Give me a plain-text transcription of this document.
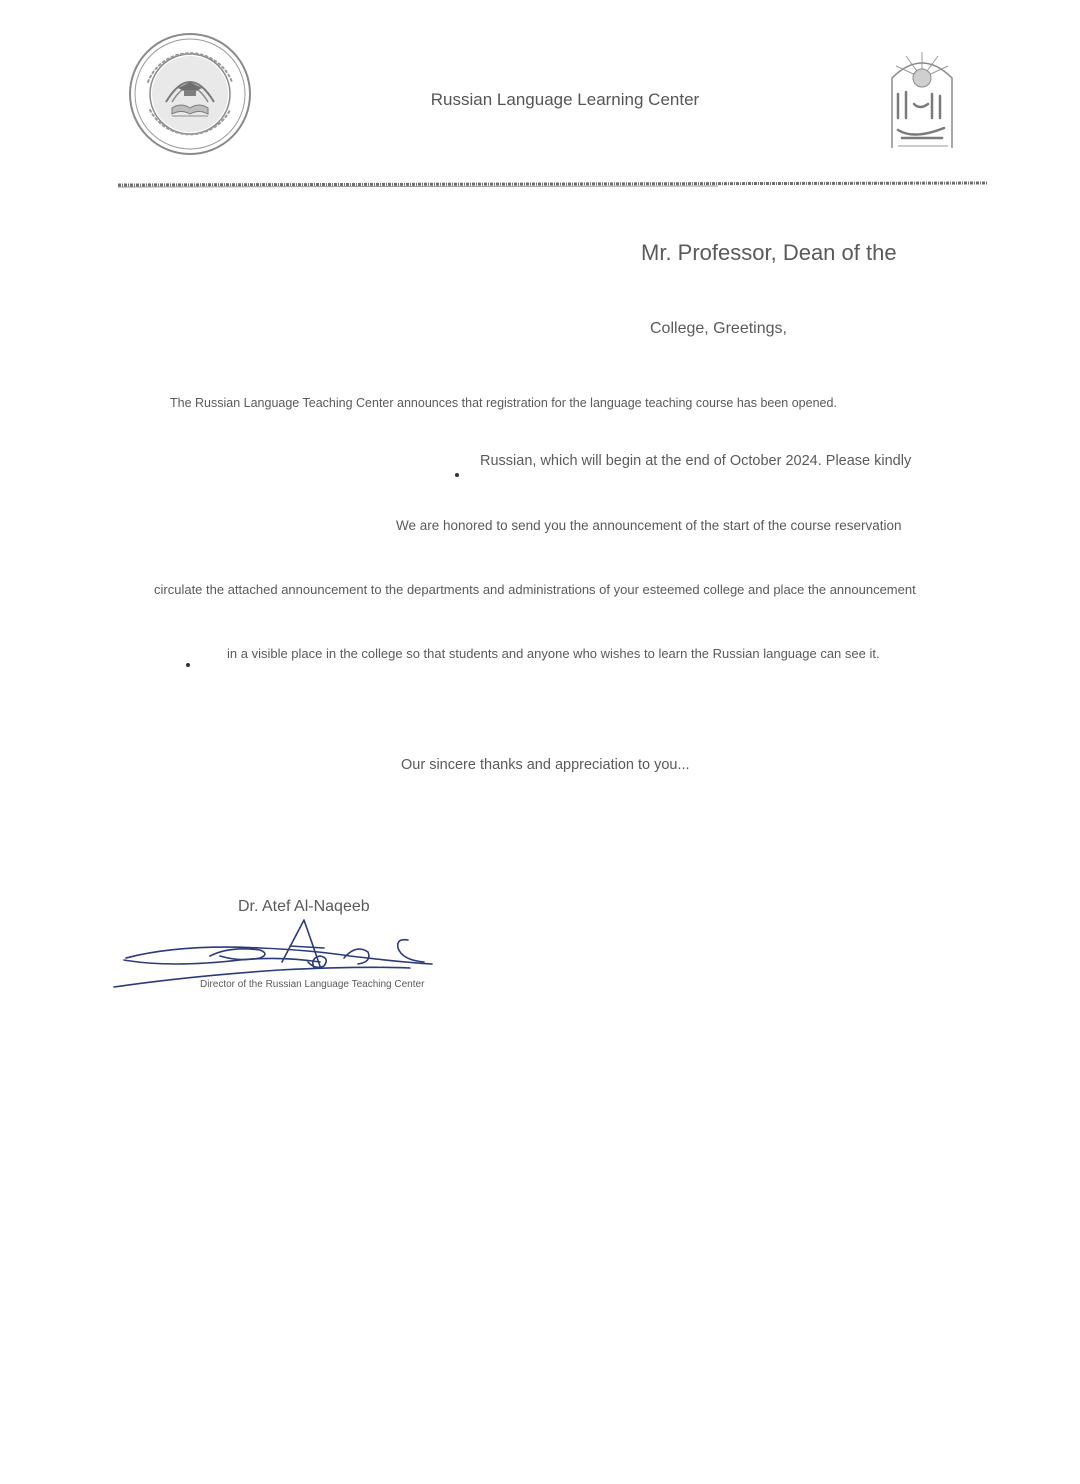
Russian Language Learning Center
Mr. Professor, Dean of the
College, Greetings,
The Russian Language Teaching Center announces that registration for the language teaching course has been opened.
Russian, which will begin at the end of October 2024. Please kindly
We are honored to send you the announcement of the start of the course reservation
circulate the attached announcement to the departments and administrations of your esteemed college and place the announcement
in a visible place in the college so that students and anyone who wishes to learn the Russian language can see it.
Our sincere thanks and appreciation to you...
Dr. Atef Al-Naqeeb
Director of the Russian Language Teaching Center
